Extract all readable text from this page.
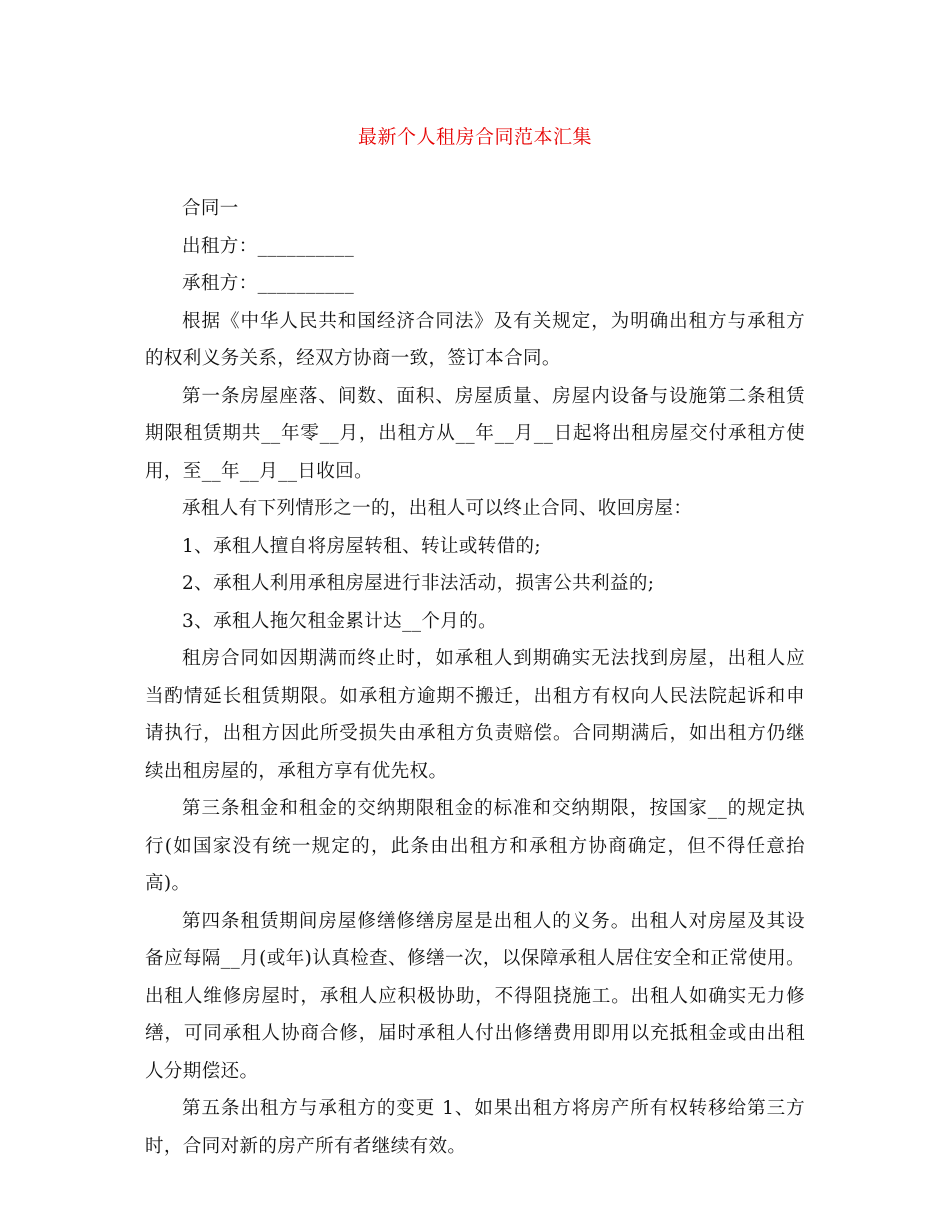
最新个人租房合同范本汇集

合同一

出租方：__________

承租方：__________

根据《中华人民共和国经济合同法》及有关规定，为明确出租方与承租方的权利义务关系，经双方协商一致，签订本合同。

第一条房屋座落、间数、面积、房屋质量、房屋内设备与设施第二条租赁期限租赁期共__年零__月，出租方从__年__月__日起将出租房屋交付承租方使用，至__年__月__日收回。

承租人有下列情形之一的，出租人可以终止合同、收回房屋：

1、承租人擅自将房屋转租、转让或转借的;

2、承租人利用承租房屋进行非法活动，损害公共利益的;

3、承租人拖欠租金累计达__个月的。

租房合同如因期满而终止时，如承租人到期确实无法找到房屋，出租人应当酌情延长租赁期限。如承租方逾期不搬迁，出租方有权向人民法院起诉和申请执行，出租方因此所受损失由承租方负责赔偿。合同期满后，如出租方仍继续出租房屋的，承租方享有优先权。

第三条租金和租金的交纳期限租金的标准和交纳期限，按国家__的规定执行(如国家没有统一规定的，此条由出租方和承租方协商确定，但不得任意抬高)。

第四条租赁期间房屋修缮修缮房屋是出租人的义务。出租人对房屋及其设备应每隔__月(或年)认真检查、修缮一次，以保障承租人居住安全和正常使用。出租人维修房屋时，承租人应积极协助，不得阻挠施工。出租人如确实无力修缮，可同承租人协商合修，届时承租人付出修缮费用即用以充抵租金或由出租人分期偿还。

第五条出租方与承租方的变更 1、如果出租方将房产所有权转移给第三方时，合同对新的房产所有者继续有效。
